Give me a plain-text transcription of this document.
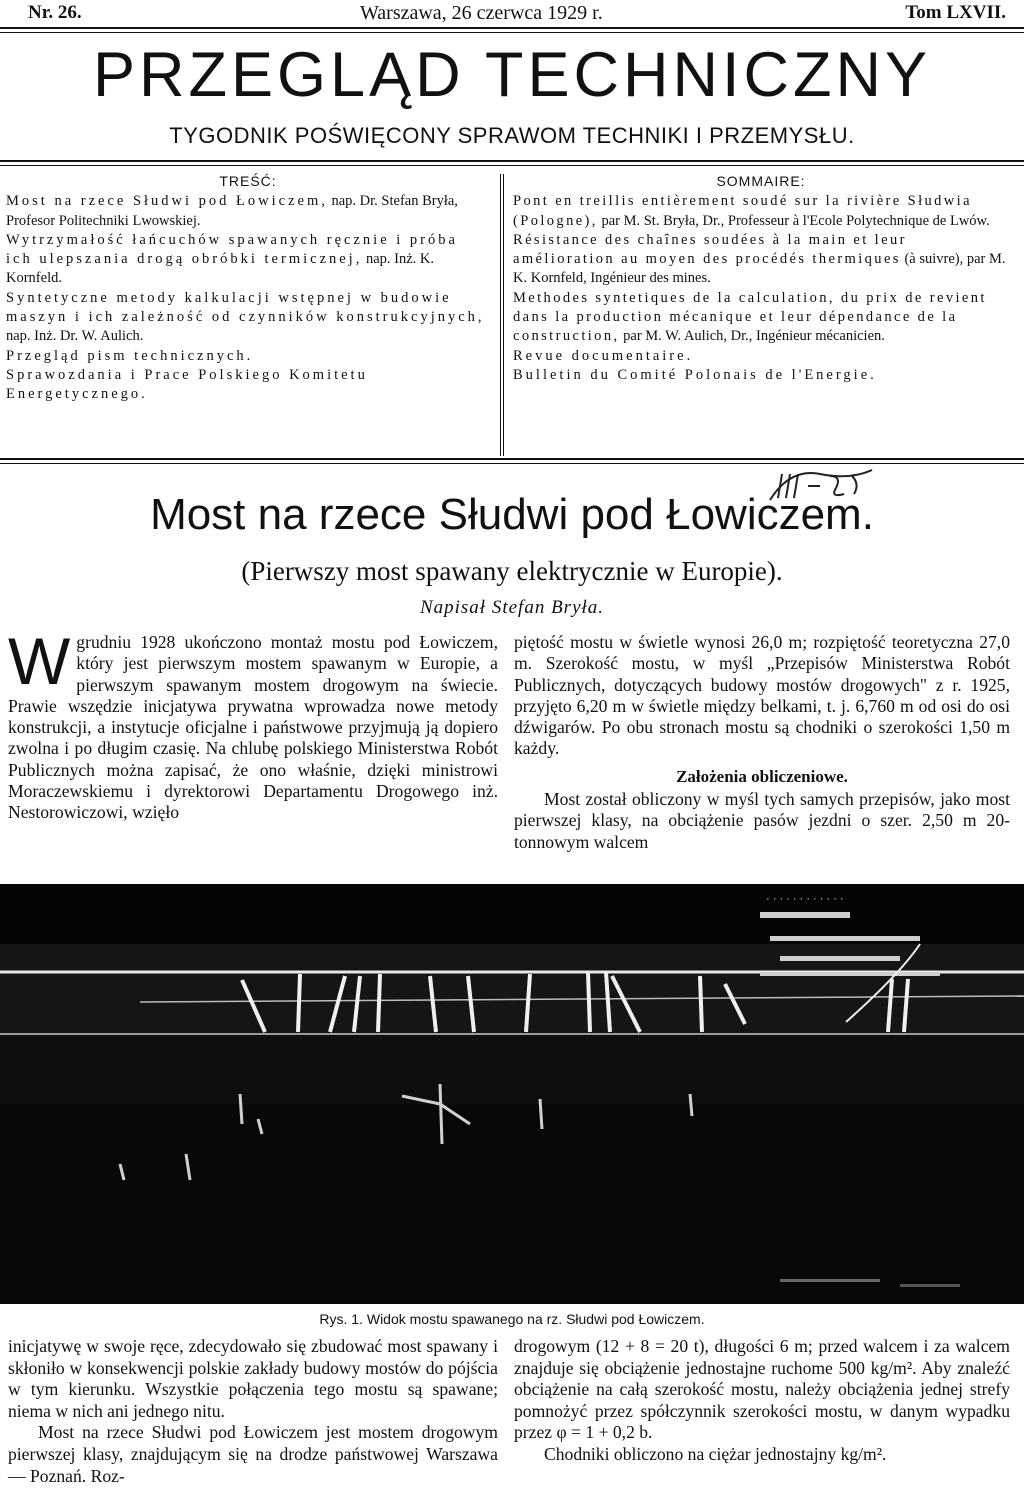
Nr. 26.	Warszawa, 26 czerwca 1929 r.	Tom LXVII.
PRZEGLĄD TECHNICZNY
TYGODNIK POŚWIĘCONY SPRAWOM TECHNIKI I PRZEMYSŁU.
TREŚĆ:
Most na rzece Słudwi pod Łowiczem, nap. Dr. Stefan Bryła, Profesor Politechniki Lwowskiej.
Wytrzymałość łańcuchów spawanych ręcznie i próba ich ulepszania drogą obróbki termicznej, nap. Inż. K. Kornfeld.
Syntetyczne metody kalkulacji wstępnej w budowie maszyn i ich zależność od czynników konstrukcyjnych, nap. Inż. Dr. W. Aulich.
Przegląd pism technicznych.
Sprawozdania i Prace Polskiego Komitetu Energetycznego.
SOMMAIRE:
Pont en treillis entièrement soudé sur la rivière Słudwia (Pologne), par M. St. Bryła, Dr., Professeur à l'Ecole Polytechnique de Lwów.
Résistance des chaînes soudées à la main et leur amélioration au moyen des procédés thermiques (à suivre), par M. K. Kornfeld, Ingénieur des mines.
Methodes syntetiques de la calculation, du prix de revient dans la production mécanique et leur dépendance de la construction, par M. W. Aulich, Dr., Ingénieur mécanicien.
Revue documentaire.
Bulletin du Comité Polonais de l'Energie.
Most na rzece Słudwi pod Łowiczem.
(Pierwszy most spawany elektrycznie w Europie).
Napisał Stefan Bryła.

Wgrudniu 1928 ukończono montaż mostu pod Łowiczem, który jest pierwszym mostem spawanym w Europie, a pierwszym spawanym mostem drogowym na świecie. Prawie wszędzie inicjatywa prywatna wprowadza nowe metody konstrukcji, a instytucje oficjalne i państwowe przyjmują ją dopiero zwolna i po długim czasię. Na chlubę polskiego Ministerstwa Robót Publicznych można zapisać, że ono właśnie, dzięki ministrowi Moraczewskiemu i dyrektorowi Departamentu Drogowego inż. Nestorowiczowi, wzięło

piętość mostu w świetle wynosi 26,0 m; rozpiętość teoretyczna 27,0 m. Szerokość mostu, w myśl „Przepisów Ministerstwa Robót Publicznych, dotyczących budowy mostów drogowych" z r. 1925, przyjęto 6,20 m w świetle między belkami, t. j. 6,760 m od osi do osi dźwigarów. Po obu stronach mostu są chodniki o szerokości 1,50 m każdy.

Założenia obliczeniowe.

Most został obliczony w myśl tych samych przepisów, jako most pierwszej klasy, na obciążenie pasów jezdni o szer. 2,50 m 20-tonnowym walcem

· · · · · · · · · · · ·
Rys. 1. Widok mostu spawanego na rz. Słudwi pod Łowiczem.

inicjatywę w swoje ręce, zdecydowało się zbudować most spawany i skłoniło w konsekwencji polskie zakłady budowy mostów do pójścia w tym kierunku. Wszystkie połączenia tego mostu są spawane; niema w nich ani jednego nitu.

Most na rzece Słudwi pod Łowiczem jest mostem drogowym pierwszej klasy, znajdującym się na drodze państwowej Warszawa — Poznań. Roz-

drogowym (12 + 8 = 20 t), długości 6 m; przed walcem i za walcem znajduje się obciążenie jednostajne ruchome 500 kg/m². Aby znaleźć obciążenie na całą szerokość mostu, należy obciążenia jednej strefy pomnożyć przez spółczynnik szerokości mostu, w danym wypadku przez φ = 1 + 0,2 b.

Chodniki obliczono na ciężar jednostajny kg/m².
